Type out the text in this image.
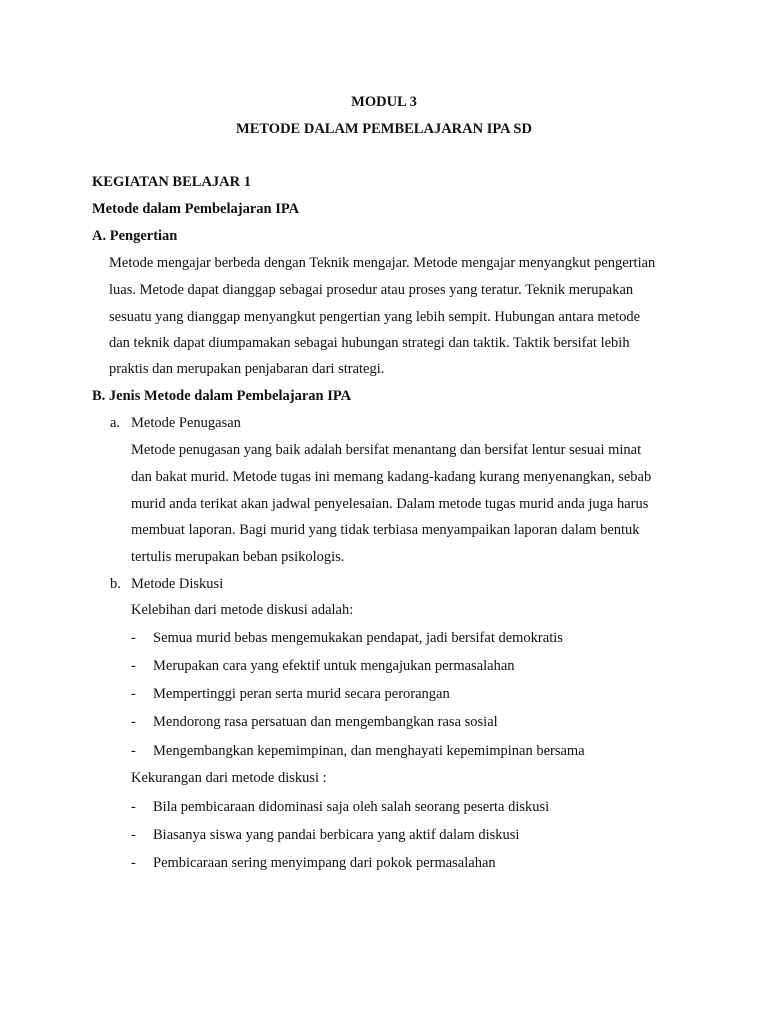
MODUL 3
METODE DALAM PEMBELAJARAN IPA SD
KEGIATAN BELAJAR 1
Metode dalam Pembelajaran IPA
A. Pengertian
Metode mengajar berbeda dengan Teknik mengajar. Metode mengajar menyangkut pengertian
luas. Metode dapat dianggap sebagai prosedur atau proses yang teratur. Teknik merupakan
sesuatu yang dianggap menyangkut pengertian yang lebih sempit. Hubungan antara metode
dan teknik dapat diumpamakan sebagai hubungan strategi dan taktik. Taktik bersifat lebih
praktis dan merupakan penjabaran dari strategi.
B. Jenis Metode dalam Pembelajaran IPA
a. Metode Penugasan
Metode penugasan yang baik adalah bersifat menantang dan bersifat lentur sesuai minat
dan bakat murid. Metode tugas ini memang kadang-kadang kurang menyenangkan, sebab
murid anda terikat akan jadwal penyelesaian. Dalam metode tugas murid anda juga harus
membuat laporan. Bagi murid yang tidak terbiasa menyampaikan laporan dalam bentuk
tertulis merupakan beban psikologis.
b. Metode Diskusi
Kelebihan dari metode diskusi adalah:
- Semua murid bebas mengemukakan pendapat, jadi bersifat demokratis
- Merupakan cara yang efektif untuk mengajukan permasalahan
- Mempertinggi peran serta murid secara perorangan
- Mendorong rasa persatuan dan mengembangkan rasa sosial
- Mengembangkan kepemimpinan, dan menghayati kepemimpinan bersama
Kekurangan dari metode diskusi :
- Bila pembicaraan didominasi saja oleh salah seorang peserta diskusi
- Biasanya siswa yang pandai berbicara yang aktif dalam diskusi
- Pembicaraan sering menyimpang dari pokok permasalahan
